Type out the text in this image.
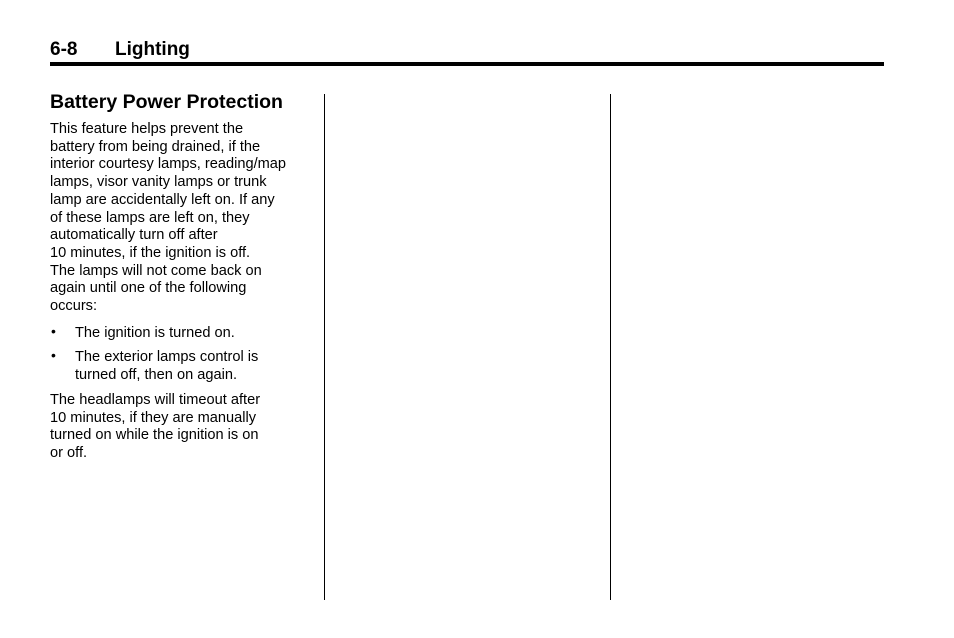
6-8 Lighting
Battery Power Protection

This feature helps prevent the
battery from being drained, if the
interior courtesy lamps, reading/map
lamps, visor vanity lamps or trunk
lamp are accidentally left on. If any
of these lamps are left on, they
automatically turn off after
10 minutes, if the ignition is off.
The lamps will not come back on
again until one of the following
occurs:

• The ignition is turned on.
• The exterior lamps control is
turned off, then on again.

The headlamps will timeout after
10 minutes, if they are manually
turned on while the ignition is on
or off.
